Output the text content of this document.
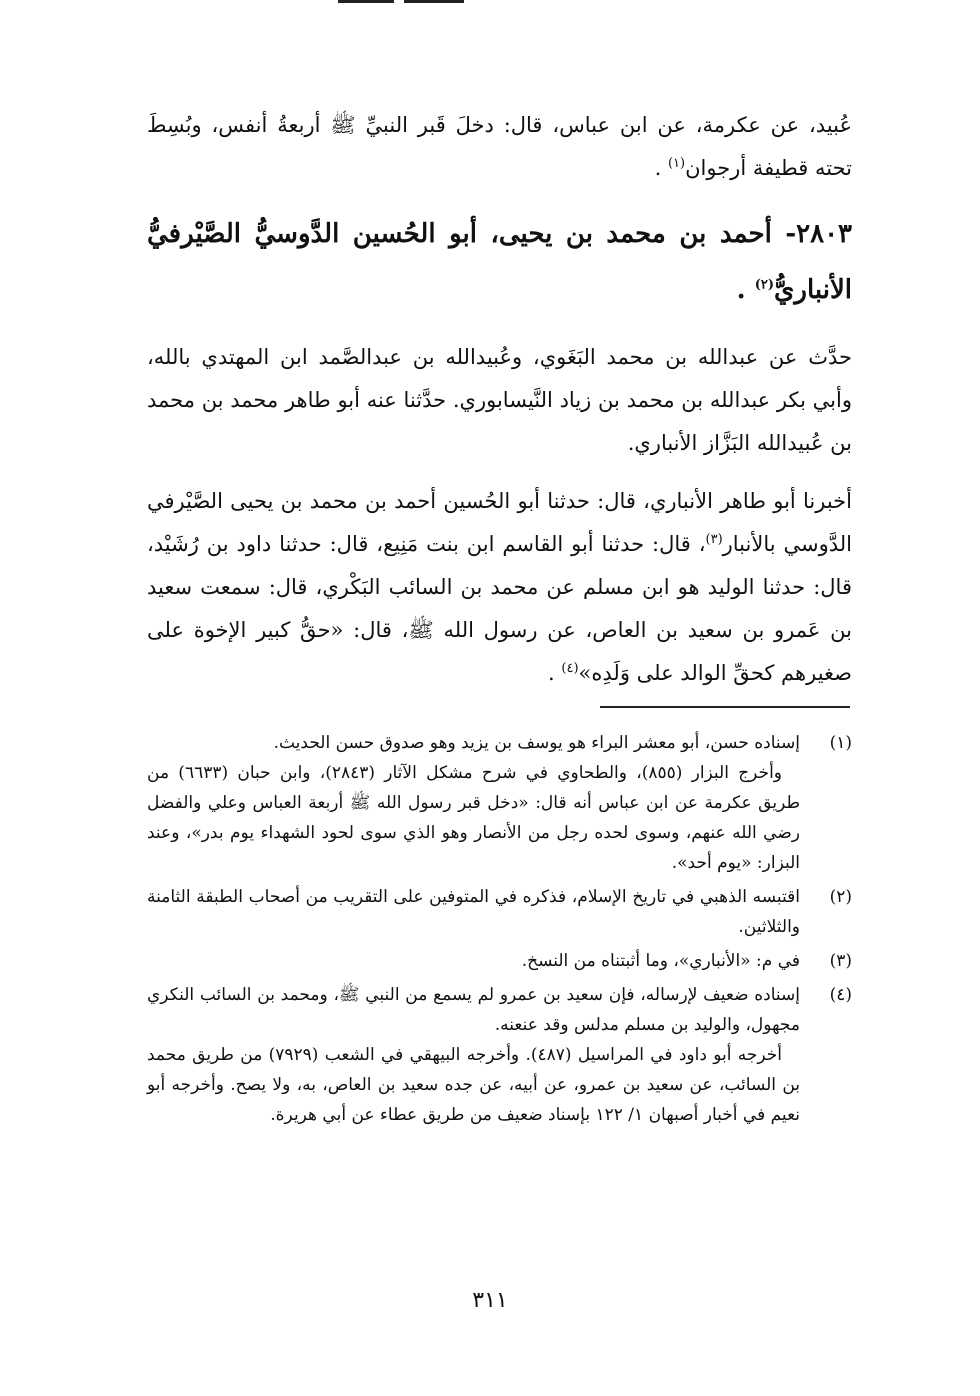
عُبيد، عن عكرمة، عن ابن عباس، قال: دخلَ قَبر النبيِّ ﷺ أربعةُ أنفس، وبُسِطَ تحته قطيفة أرجوان$^{(١)}$ .
٢٨٠٣- أحمد بن محمد بن يحيى، أبو الحُسين الدَّوسيُّ الصَّيْرفيُّ الأنباريُّ$^{(٢)}$ .
حدَّث عن عبدالله بن محمد البَغَوي، وعُبيدالله بن عبدالصَّمد ابن المهتدي بالله، وأبي بكر عبدالله بن محمد بن زياد النَّيسابوري. حدَّثنا عنه أبو طاهر محمد بن محمد بن عُبيدالله البَزَّاز الأنباري.
أخبرنا أبو طاهر الأنباري، قال: حدثنا أبو الحُسين أحمد بن محمد بن يحيى الصَّيْرفي الدَّوسي بالأنبار$^{(٣)}$، قال: حدثنا أبو القاسم ابن بنت مَنِيع، قال: حدثنا داود بن رُشَيْد، قال: حدثنا الوليد هو ابن مسلم عن محمد بن السائب البَكْري، قال: سمعت سعيد بن عَمرو بن سعيد بن العاص، عن رسول الله ﷺ، قال: «حقُّ كبير الإخوة على صغيرهم كحقِّ الوالد على وَلَدِه»$^{(٤)}$ .
(١)
إسناده حسن، أبو معشر البراء هو يوسف بن يزيد وهو صدوق حسن الحديث.
وأخرج البزار (٨٥٥)، والطحاوي في شرح مشكل الآثار (٢٨٤٣)، وابن حبان (٦٦٣٣) من طريق عكرمة عن ابن عباس أنه قال: «دخل قبر رسول الله ﷺ أربعة العباس وعلي والفضل رضي الله عنهم، وسوى لحده رجل من الأنصار وهو الذي سوى لحود الشهداء يوم بدر»، وعند البزار: «يوم أحد».
(٢)
اقتبسه الذهبي في تاريخ الإسلام، فذكره في المتوفين على التقريب من أصحاب الطبقة الثامنة والثلاثين.
(٣)
في م: «الأنباري»، وما أثبتناه من النسخ.
(٤)
إسناده ضعيف لإرساله، فإن سعيد بن عمرو لم يسمع من النبي ﷺ، ومحمد بن السائب النكري مجهول، والوليد بن مسلم مدلس وقد عنعنه.
أخرجه أبو داود في المراسيل (٤٨٧). وأخرجه البيهقي في الشعب (٧٩٢٩) من طريق محمد بن السائب، عن سعيد بن عمرو، عن أبيه، عن جده سعيد بن العاص، به، ولا يصح. وأخرجه أبو نعيم في أخبار أصبهان ١/ ١٢٢ بإسناد ضعيف من طريق عطاء عن أبي هريرة.
٣١١
